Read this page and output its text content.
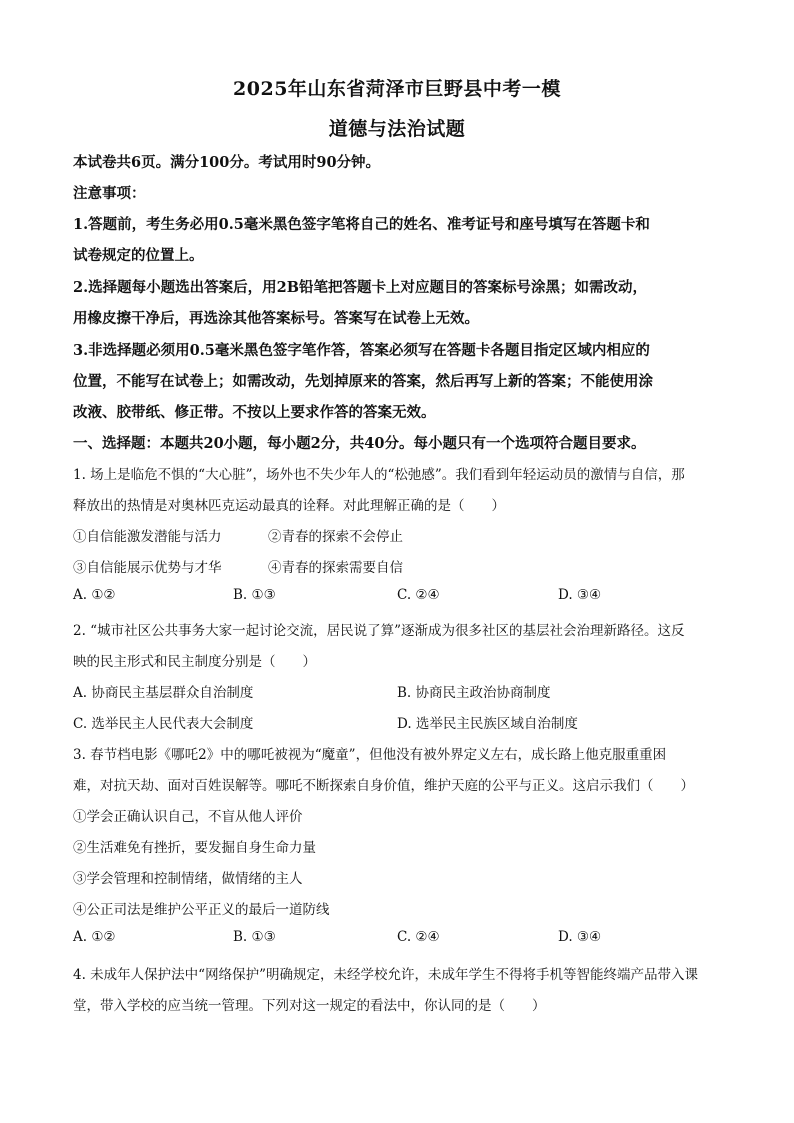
2025年山东省菏泽市巨野县中考一模
道德与法治试题
本试卷共6页。满分100分。考试用时90分钟。
注意事项：
1.答题前，考生务必用0.5毫米黑色签字笔将自己的姓名、准考证号和座号填写在答题卡和
试卷规定的位置上。
2.选择题每小题选出答案后，用2B铅笔把答题卡上对应题目的答案标号涂黑；如需改动，
用橡皮擦干净后，再选涂其他答案标号。答案写在试卷上无效。
3.非选择题必须用0.5毫米黑色签字笔作答，答案必须写在答题卡各题目指定区域内相应的
位置，不能写在试卷上；如需改动，先划掉原来的答案，然后再写上新的答案；不能使用涂
改液、胶带纸、修正带。不按以上要求作答的答案无效。
一、选择题：本题共20小题，每小题2分，共40分。每小题只有一个选项符合题目要求。
1. 场上是临危不惧的“大心脏”，场外也不失少年人的“松弛感”。我们看到年轻运动员的激情与自信，那
释放出的热情是对奥林匹克运动最真的诠释。对此理解正确的是（　　）
①自信能激发潜能与活力	②青春的探索不会停止
③自信能展示优势与才华	④青春的探索需要自信
A. ①②	B. ①③	C. ②④	D. ③④
2. “城市社区公共事务大家一起讨论交流，居民说了算”逐渐成为很多社区的基层社会治理新路径。这反
映的民主形式和民主制度分别是（　　）
A. 协商民主基层群众自治制度	B. 协商民主政治协商制度
C. 选举民主人民代表大会制度	D. 选举民主民族区域自治制度
3. 春节档电影《哪吒2》中的哪吒被视为“魔童”，但他没有被外界定义左右，成长路上他克服重重困
难，对抗天劫、面对百姓误解等。哪吒不断探索自身价值，维护天庭的公平与正义。这启示我们（　　）
①学会正确认识自己，不盲从他人评价
②生活难免有挫折，要发掘自身生命力量
③学会管理和控制情绪，做情绪的主人
④公正司法是维护公平正义的最后一道防线
A. ①②	B. ①③	C. ②④	D. ③④
4. 未成年人保护法中“网络保护”明确规定，未经学校允许，未成年学生不得将手机等智能终端产品带入课
堂，带入学校的应当统一管理。下列对这一规定的看法中，你认同的是（　　）
